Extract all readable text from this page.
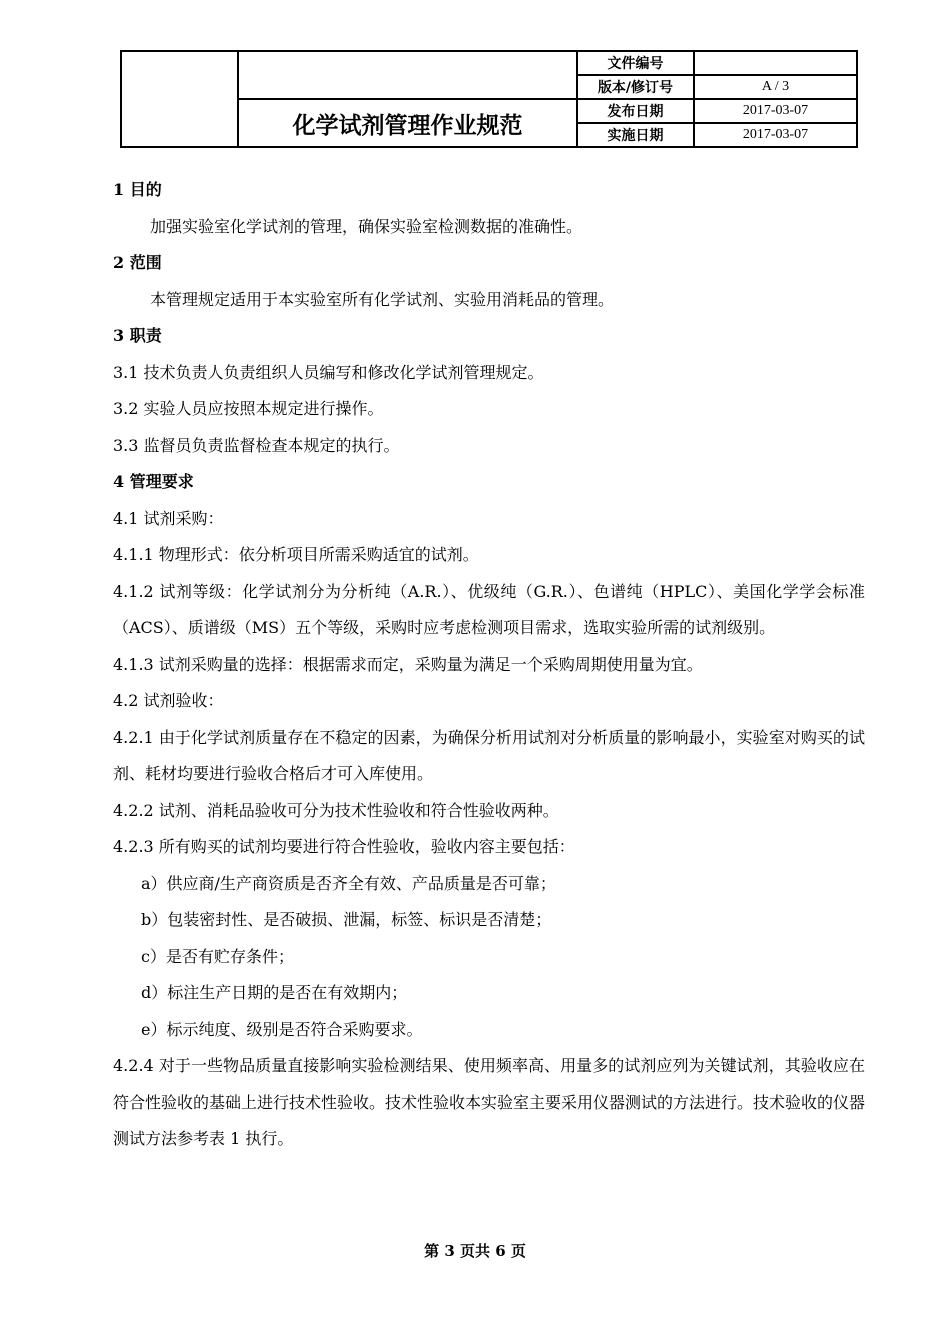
		文件编号	
		版本/修订号	A / 3
	化学试剂管理作业规范	发布日期	2017-03-07
		实施日期	2017-03-07
1 目的
加强实验室化学试剂的管理，确保实验室检测数据的准确性。
2 范围
本管理规定适用于本实验室所有化学试剂、实验用消耗品的管理。
3 职责
3.1 技术负责人负责组织人员编写和修改化学试剂管理规定。
3.2 实验人员应按照本规定进行操作。
3.3 监督员负责监督检查本规定的执行。
4 管理要求
4.1 试剂采购：
4.1.1 物理形式：依分析项目所需采购适宜的试剂。
4.1.2 试剂等级：化学试剂分为分析纯（A.R.）、优级纯（G.R.）、色谱纯（HPLC）、美国化学学会标准（ACS）、质谱级（MS）五个等级，采购时应考虑检测项目需求，选取实验所需的试剂级别。
4.1.3 试剂采购量的选择：根据需求而定，采购量为满足一个采购周期使用量为宜。
4.2 试剂验收：
4.2.1 由于化学试剂质量存在不稳定的因素，为确保分析用试剂对分析质量的影响最小，实验室对购买的试剂、耗材均要进行验收合格后才可入库使用。
4.2.2 试剂、消耗品验收可分为技术性验收和符合性验收两种。
4.2.3 所有购买的试剂均要进行符合性验收，验收内容主要包括：
a）供应商/生产商资质是否齐全有效、产品质量是否可靠；
b）包装密封性、是否破损、泄漏，标签、标识是否清楚；
c）是否有贮存条件；
d）标注生产日期的是否在有效期内；
e）标示纯度、级别是否符合采购要求。
4.2.4 对于一些物品质量直接影响实验检测结果、使用频率高、用量多的试剂应列为关键试剂，其验收应在符合性验收的基础上进行技术性验收。技术性验收本实验室主要采用仪器测试的方法进行。技术验收的仪器测试方法参考表 1 执行。
第 3 页共 6 页
